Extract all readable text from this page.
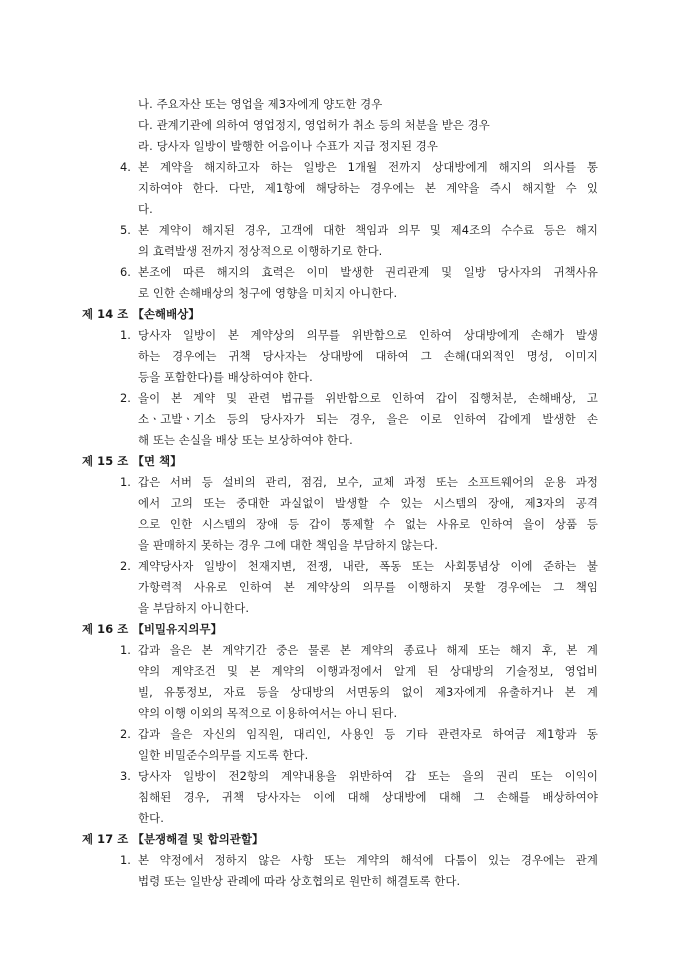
나. 주요자산 또는 영업을 제3자에게 양도한 경우
다. 관계기관에 의하여 영업정지, 영업허가 취소 등의 처분을 받은 경우
라. 당사자 일방이 발행한 어음이나 수표가 지급 정지된 경우
4. 본 계약을 해지하고자 하는 일방은 1개월 전까지 상대방에게 해지의 의사를 통
지하여야 한다. 다만, 제1항에 해당하는 경우에는 본 계약을 즉시 해지할 수 있
다.
5. 본 계약이 해지된 경우, 고객에 대한 책임과 의무 및 제4조의 수수료 등은 해지
의 효력발생 전까지 정상적으로 이행하기로 한다.
6. 본조에 따른 해지의 효력은 이미 발생한 권리관계 및 일방 당사자의 귀책사유
로 인한 손해배상의 청구에 영향을 미치지 아니한다.
제 14 조 【손해배상】
1. 당사자 일방이 본 계약상의 의무를 위반함으로 인하여 상대방에게 손해가 발생
하는 경우에는 귀책 당사자는 상대방에 대하여 그 손해(대외적인 명성, 이미지
등을 포함한다)를 배상하여야 한다.
2. 을이 본 계약 및 관련 법규를 위반함으로 인하여 갑이 집행처분, 손해배상, 고
소ㆍ고발ㆍ기소 등의 당사자가 되는 경우, 을은 이로 인하여 갑에게 발생한 손
해 또는 손실을 배상 또는 보상하여야 한다.
제 15 조 【면 책】
1. 갑은 서버 등 설비의 관리, 점검, 보수, 교체 과정 또는 소프트웨어의 운용 과정
에서 고의 또는 중대한 과실없이 발생할 수 있는 시스템의 장애, 제3자의 공격
으로 인한 시스템의 장애 등 갑이 통제할 수 없는 사유로 인하여 을이 상품 등
을 판매하지 못하는 경우 그에 대한 책임을 부담하지 않는다.
2. 계약당사자 일방이 천재지변, 전쟁, 내란, 폭동 또는 사회통념상 이에 준하는 불
가항력적 사유로 인하여 본 계약상의 의무를 이행하지 못할 경우에는 그 책임
을 부담하지 아니한다.
제 16 조 【비밀유지의무】
1. 갑과 을은 본 계약기간 중은 물론 본 계약의 종료나 해제 또는 해지 후, 본 계
약의 계약조건 및 본 계약의 이행과정에서 알게 된 상대방의 기술정보, 영업비
빌, 유통정보, 자료 등을 상대방의 서면동의 없이 제3자에게 유출하거나 본 계
약의 이행 이외의 목적으로 이용하여서는 아니 된다.
2. 갑과 을은 자신의 임직원, 대리인, 사용인 등 기타 관련자로 하여금 제1항과 동
일한 비밀준수의무를 지도록 한다.
3. 당사자 일방이 전2항의 계약내용을 위반하여 갑 또는 을의 권리 또는 이익이
침해된 경우, 귀책 당사자는 이에 대해 상대방에 대해 그 손해를 배상하여야
한다.
제 17 조 【분쟁해결 및 합의관할】
1. 본 약정에서 정하지 않은 사항 또는 계약의 해석에 다툼이 있는 경우에는 관계
법령 또는 일반상 관례에 따라 상호협의로 원만히 해결토록 한다.
